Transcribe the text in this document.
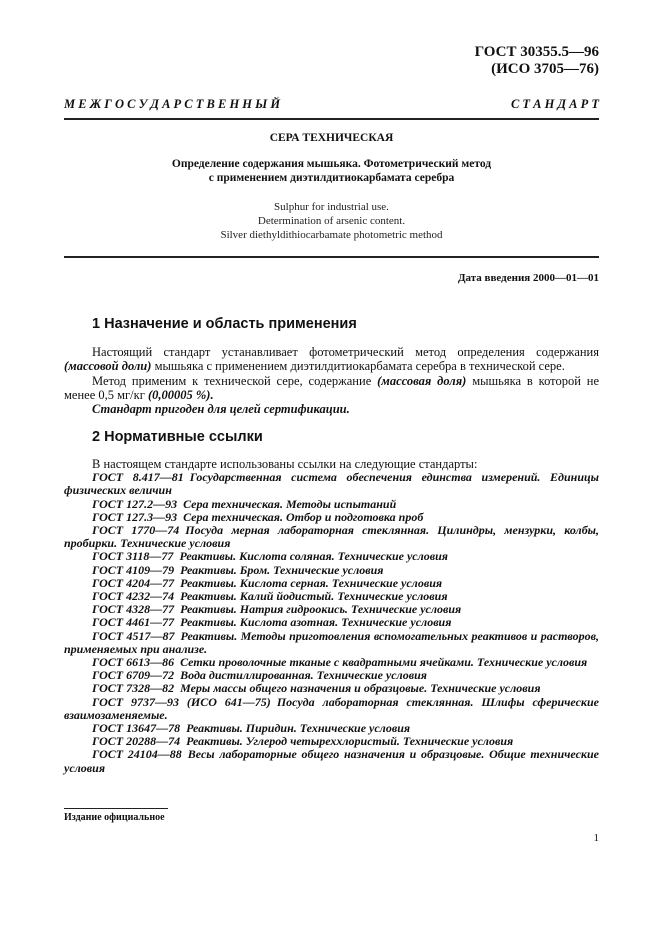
ГОСТ 30355.5—96
(ИСО 3705—76)
М Е Ж Г О С У Д А Р С Т В Е Н Н Ы Й	С Т А Н Д А Р Т
СЕРА ТЕХНИЧЕСКАЯ
Определение содержания мышьяка. Фотометрический метод
с применением диэтилдитиокарбамата серебра
Sulphur for industrial use.
Determination of arsenic content.
Silver diethyldithiocarbamate photometric method
Дата введения 2000—01—01
1 Назначение и область применения

Настоящий стандарт устанавливает фотометрический метод определения содержания (массовой доли) мышьяка с применением диэтилдитиокарбамата серебра в технической сере.

Метод применим к технической сере, содержание (массовая доля) мышьяка в которой не менее 0,5 мг/кг (0,00005 %).

Стандарт пригоден для целей сертификации.

2 Нормативные ссылки
В настоящем стандарте использованы ссылки на следующие стандарты:
ГОСТ 8.417—81 Государственная система обеспечения единства измерений. Единицы физических величин
ГОСТ 127.2—93 Сера техническая. Методы испытаний
ГОСТ 127.3—93 Сера техническая. Отбор и подготовка проб
ГОСТ 1770—74 Посуда мерная лабораторная стеклянная. Цилиндры, мензурки, колбы, пробирки. Технические условия
ГОСТ 3118—77 Реактивы. Кислота соляная. Технические условия
ГОСТ 4109—79 Реактивы. Бром. Технические условия
ГОСТ 4204—77 Реактивы. Кислота серная. Технические условия
ГОСТ 4232—74 Реактивы. Калий йодистый. Технические условия
ГОСТ 4328—77 Реактивы. Натрия гидроокись. Технические условия
ГОСТ 4461—77 Реактивы. Кислота азотная. Технические условия
ГОСТ 4517—87 Реактивы. Методы приготовления вспомогательных реактивов и растворов, применяемых при анализе.
ГОСТ 6613—86 Сетки проволочные тканые с квадратными ячейками. Технические условия
ГОСТ 6709—72 Вода дистиллированная. Технические условия
ГОСТ 7328—82 Меры массы общего назначения и образцовые. Технические условия
ГОСТ 9737—93 (ИСО 641—75) Посуда лабораторная стеклянная. Шлифы сферические взаимозаменяемые.
ГОСТ 13647—78 Реактивы. Пиридин. Технические условия
ГОСТ 20288—74 Реактивы. Углерод четыреххлористый. Технические условия
ГОСТ 24104—88 Весы лабораторные общего назначения и образцовые. Общие технические условия
Издание официальное
1
